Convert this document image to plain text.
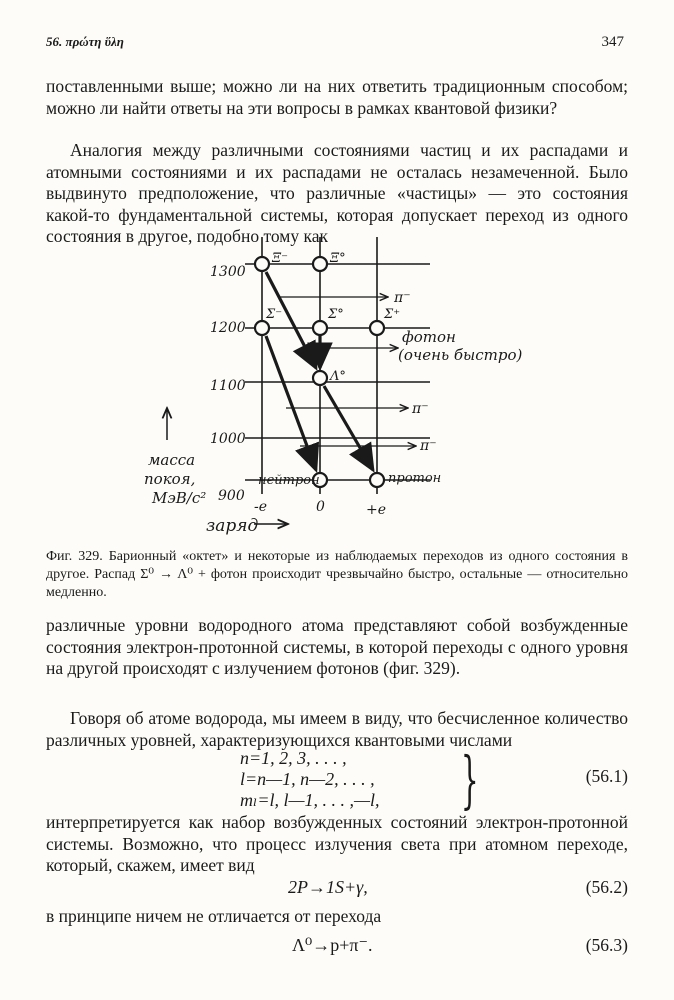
56. πρώτη ὕλη	347
поставленными выше; можно ли на них ответить традиционным способом; можно ли найти ответы на эти вопросы в рамках квантовой физики?
Аналогия между различными состояниями частиц и их распадами и атомными состояниями и их распадами не осталась незамеченной. Было выдвинуто предположение, что различные «частицы» — это состояния какой-то фундаментальной системы, которая допускает переход из одного состояния в другое, подобно тому как
1300
1200
1100
1000
900
-e	0	+e
Ξ⁻	Ξ°
Σ⁻	Σ°	Σ⁺
Λ°
нейтрон	протон
π⁻
фотон
(очень быстро)
π⁻
π⁻
масса
покоя,
МэВ/c²
заряд
Фиг. 329. Барионный «октет» и некоторые из наблюдаемых переходов из одного состояния в другое. Распад Σ⁰ → Λ⁰ + фотон происходит чрезвычайно быстро, остальные — относительно медленно.
различные уровни водородного атома представляют собой возбужденные состояния электрон-протонной системы, в которой переходы с одного уровня на другой происходят с излучением фотонов (фиг. 329).
Говоря об атоме водорода, мы имеем в виду, что бесчисленное количество различных уровней, характеризующихся квантовыми числами
n=1, 2, 3, . . . ,
l=n—1, n—2, . . . ,
mₗ=l, l—1, . . . ,—l,	}	(56.1)
интерпретируется как набор возбужденных состояний электрон-протонной системы. Возможно, что процесс излучения света при атомном переходе, который, скажем, имеет вид
2P→1S+γ,	(56.2)
в принципе ничем не отличается от перехода
Λ⁰→p+π⁻.	(56.3)
